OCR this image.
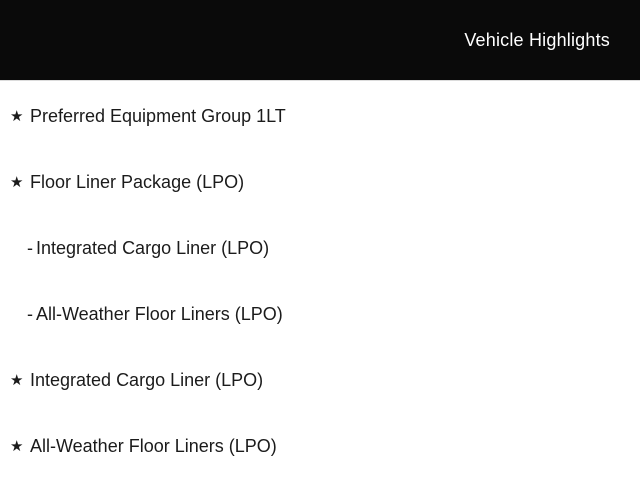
Vehicle Highlights
★ Preferred Equipment Group 1LT
★ Floor Liner Package (LPO)
- Integrated Cargo Liner (LPO)
- All-Weather Floor Liners (LPO)
★ Integrated Cargo Liner (LPO)
★ All-Weather Floor Liners (LPO)
